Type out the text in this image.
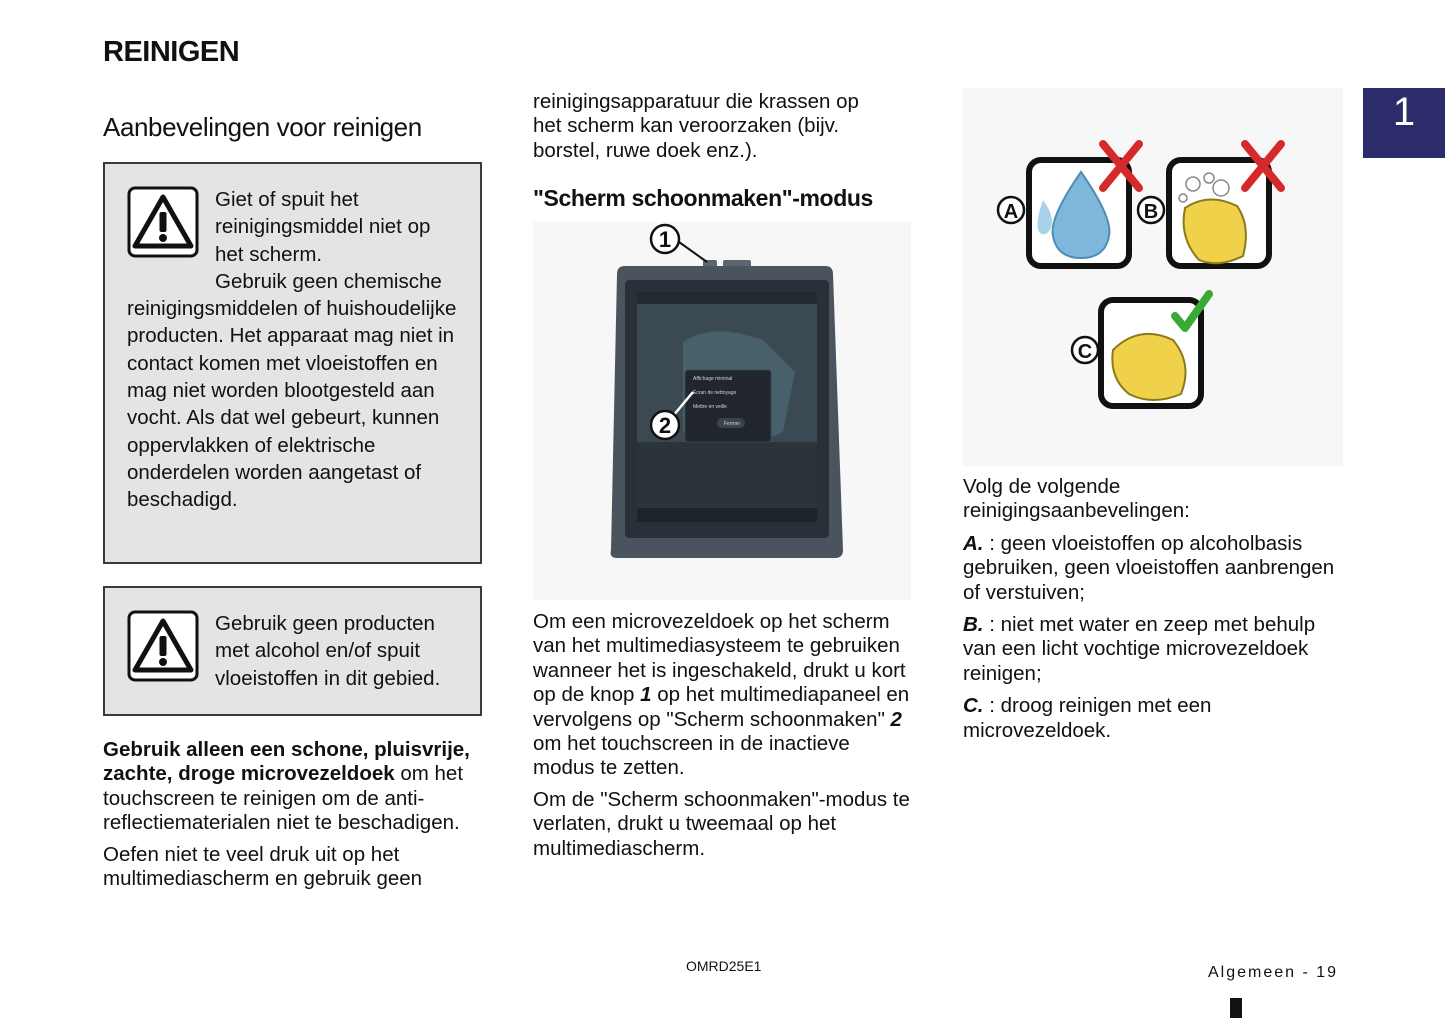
REINIGEN
Aanbevelingen voor reinigen	1

Giet of spuit het reinigingsmiddel niet op het scherm.

Gebruik geen chemische reinigingsmiddelen of huishoudelijke producten. Het apparaat mag niet in contact komen met vloeistoffen en mag niet worden blootgesteld aan vocht. Als dat wel gebeurt, kunnen oppervlakken of elektrische onderdelen worden aangetast of beschadigd.

Gebruik geen producten met alcohol en/of spuit vloeistoffen in dit gebied.

Gebruik alleen een schone, pluisvrije, zachte, droge microvezeldoek om het touchscreen te reinigen om de anti-reflectiematerialen niet te beschadigen.

Oefen niet te veel druk uit op het multimediascherm en gebruik geen

reinigingsapparatuur die krassen op het scherm kan veroorzaken (bijv. borstel, ruwe doek enz.).
"Scherm schoonmaken"-modus
Affichage minimal
Écran de nettoyage
Mettre en veille
Fermer
1
2

Om een microvezeldoek op het scherm van het multimediasysteem te gebruiken wanneer het is ingeschakeld, drukt u kort op de knop 1 op het multimediapaneel en vervolgens op "Scherm schoonmaken" 2 om het touchscreen in de inactieve modus te zetten.

Om de "Scherm schoonmaken"-modus te verlaten, drukt u tweemaal op het multimediascherm.

A	B
C

Volg de volgende reinigingsaanbevelingen:

A. : geen vloeistoffen op alcoholbasis gebruiken, geen vloeistoffen aanbrengen of verstuiven;

B. : niet met water en zeep met behulp van een licht vochtige microvezeldoek reinigen;

C. : droog reinigen met een microvezeldoek.

OMRD25E1	Algemeen - 19
